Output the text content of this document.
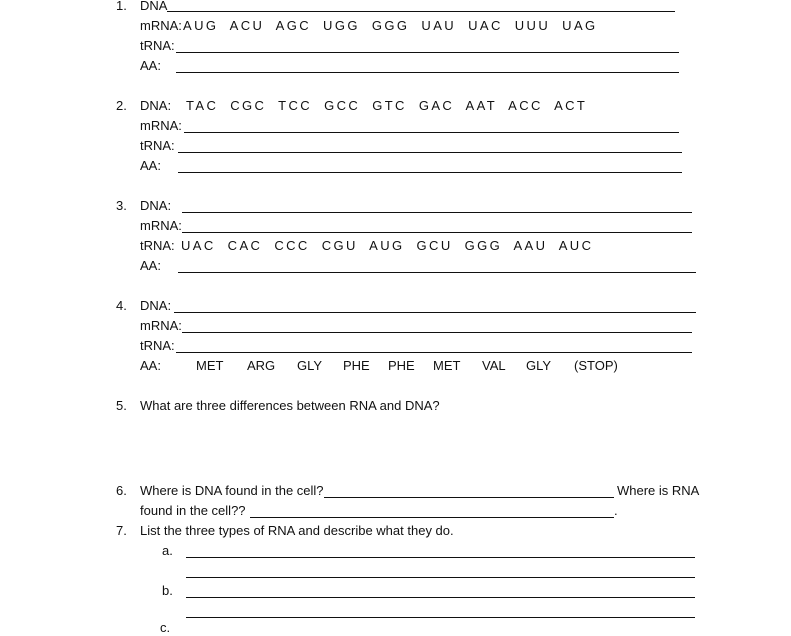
1. DNA
mRNA: AUG  ACU  AGC  UGG  GGG  UAU  UAC  UUU  UAG
tRNA:
AA:
2. DNA: TAC  CGC  TCC  GCC  GTC  GAC  AAT  ACC  ACT
mRNA:
tRNA:
AA:
3. DNA:
mRNA:
tRNA: UAC  CAC  CCC  CGU  AUG  GCU  GGG  AAU  AUC
AA:
4. DNA:
mRNA:
tRNA:
AA:	MET ARG GLY PHE PHE MET VAL GLY (STOP)
5. What are three differences between RNA and DNA?
6. Where is DNA found in the cell?	Where is RNA
found in the cell??	.
7. List the three types of RNA and describe what they do.
a.
b.
c.
